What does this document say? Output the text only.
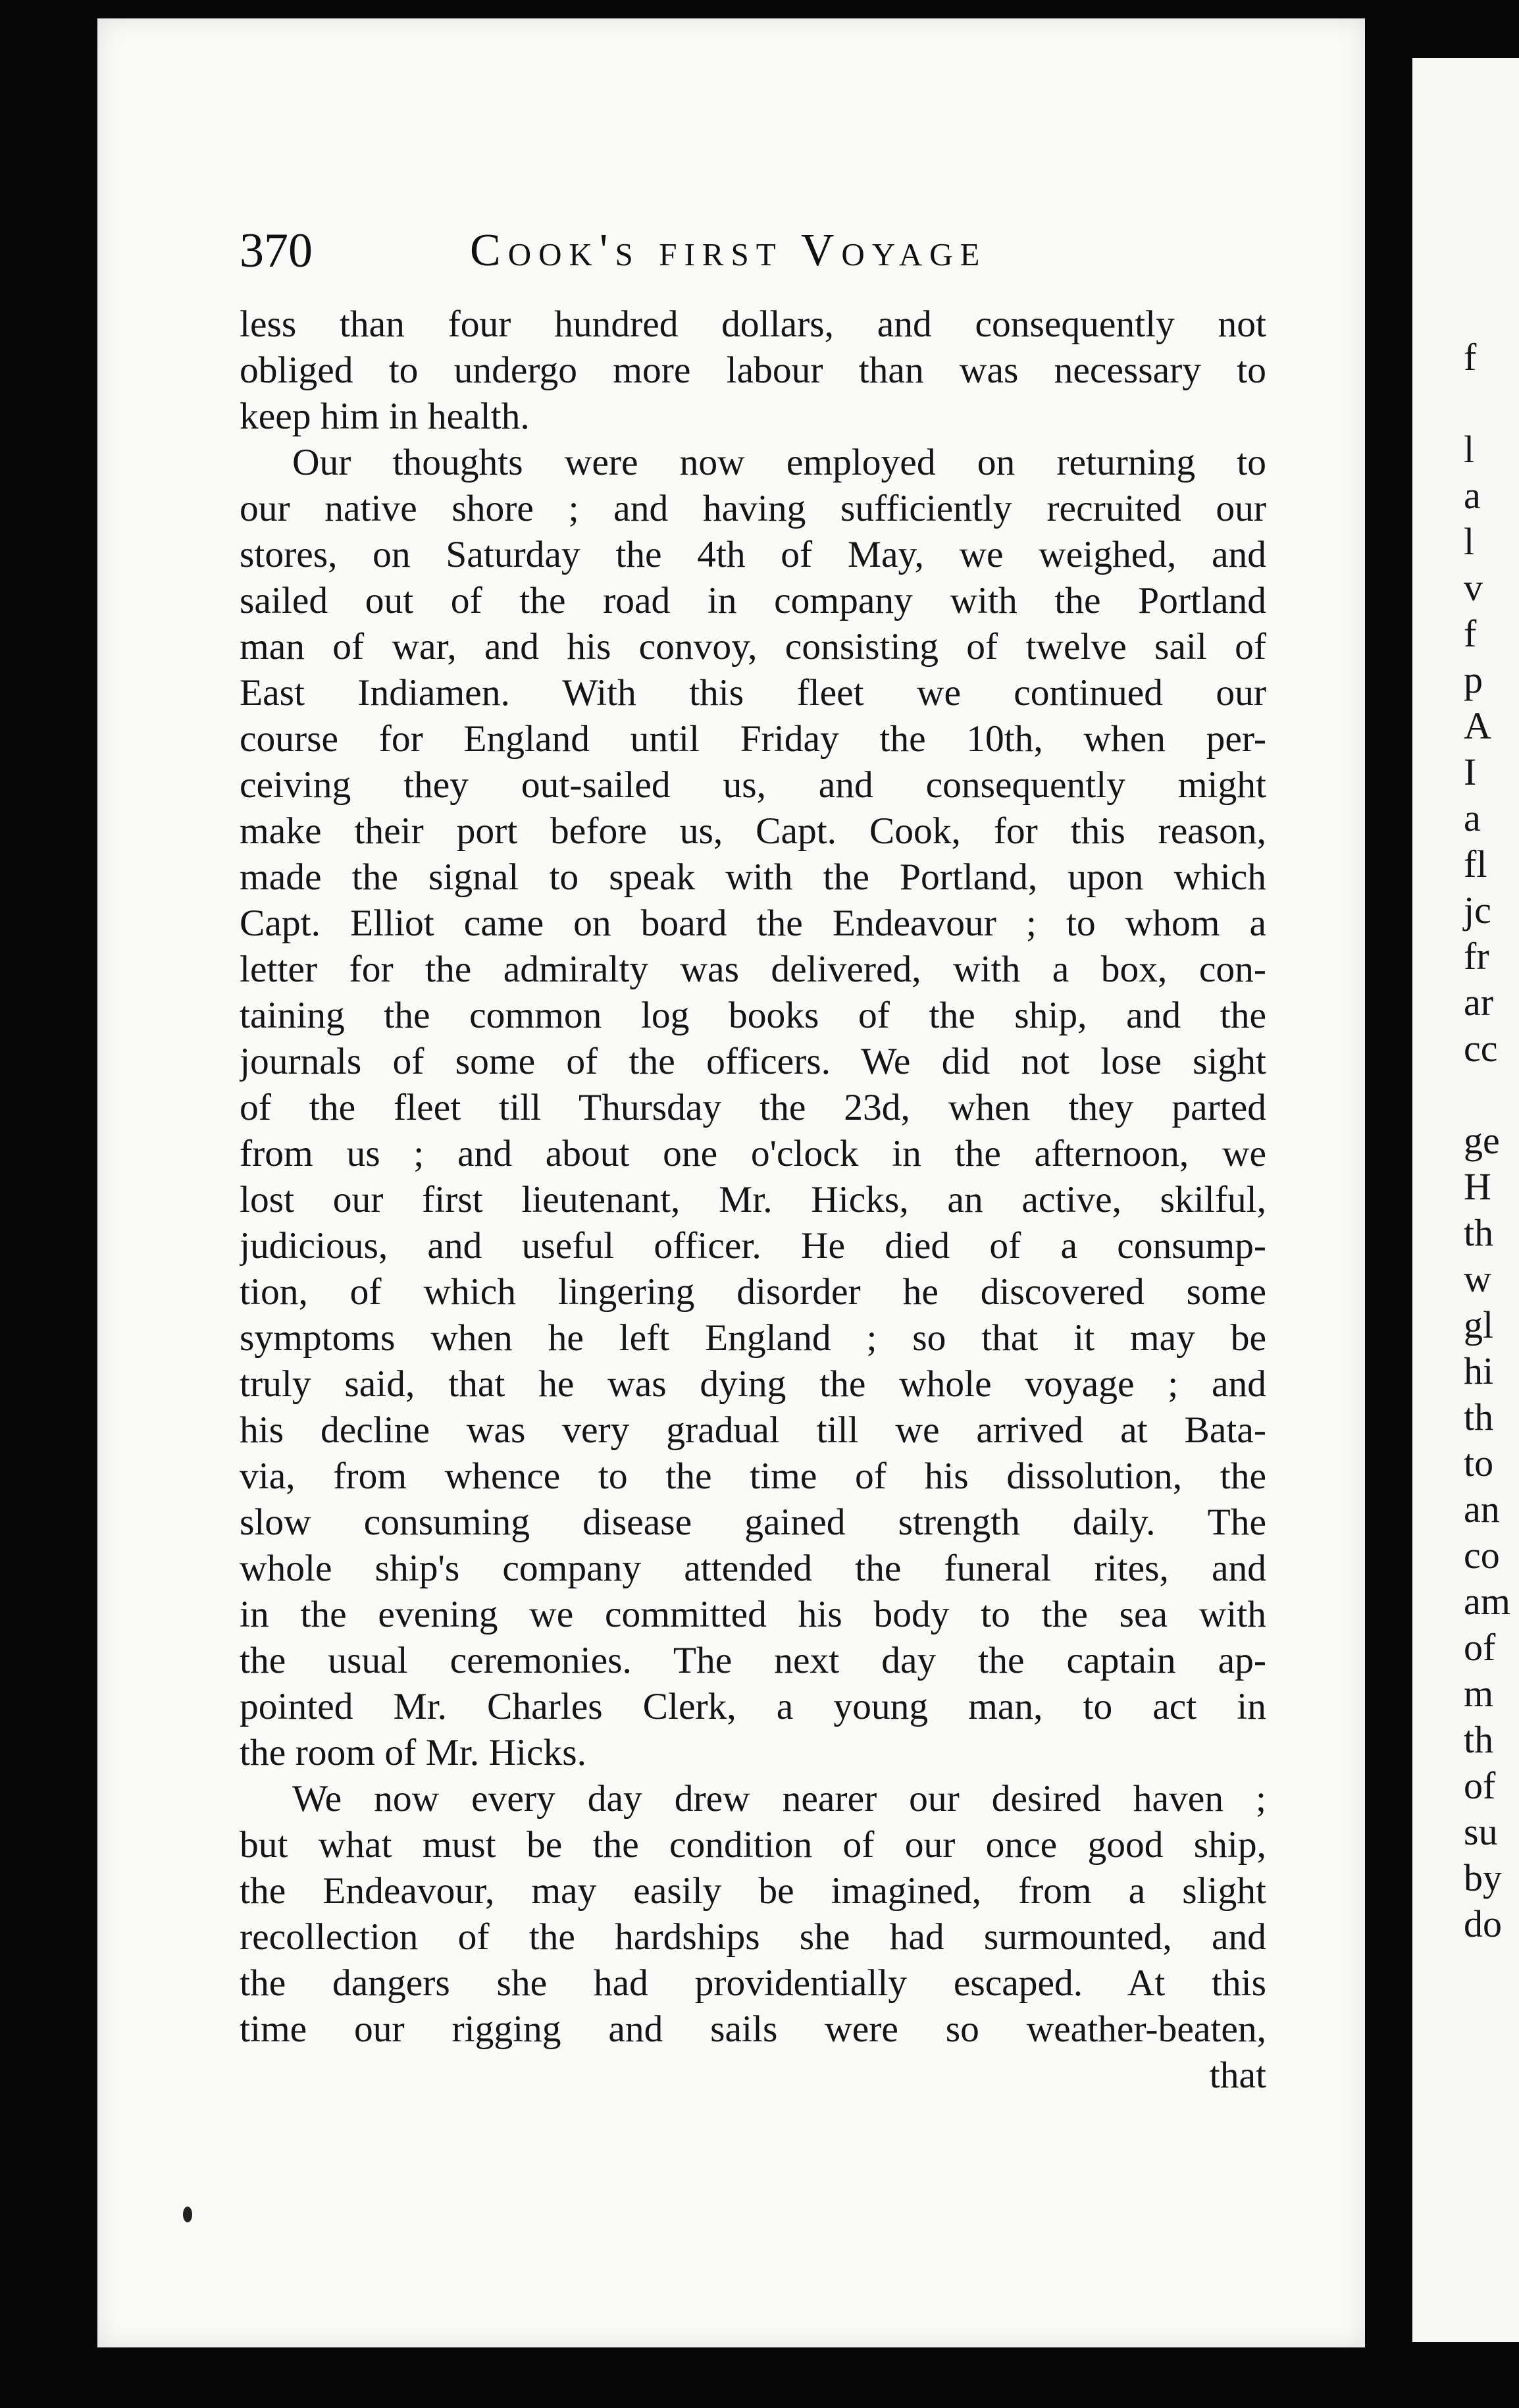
370	Cook's first Voyage
less than four hundred dollars, and consequently not
obliged to undergo more labour than was necessary to
keep him in health.
Our thoughts were now employed on returning to
our native shore ; and having sufficiently recruited our
stores, on Saturday the 4th of May, we weighed, and
sailed out of the road in company with the Portland
man of war, and his convoy, consisting of twelve sail of
East Indiamen. With this fleet we continued our
course for England until Friday the 10th, when per-
ceiving they out-sailed us, and consequently might
make their port before us, Capt. Cook, for this reason,
made the signal to speak with the Portland, upon which
Capt. Elliot came on board the Endeavour ; to whom a
letter for the admiralty was delivered, with a box, con-
taining the common log books of the ship, and the
journals of some of the officers. We did not lose sight
of the fleet till Thursday the 23d, when they parted
from us ; and about one o'clock in the afternoon, we
lost our first lieutenant, Mr. Hicks, an active, skilful,
judicious, and useful officer. He died of a consump-
tion, of which lingering disorder he discovered some
symptoms when he left England ; so that it may be
truly said, that he was dying the whole voyage ; and
his decline was very gradual till we arrived at Bata-
via, from whence to the time of his dissolution, the
slow consuming disease gained strength daily. The
whole ship's company attended the funeral rites, and
in the evening we committed his body to the sea with
the usual ceremonies. The next day the captain ap-
pointed Mr. Charles Clerk, a young man, to act in
the room of Mr. Hicks.
We now every day drew nearer our desired haven ;
but what must be the condition of our once good ship,
the Endeavour, may easily be imagined, from a slight
recollection of the hardships she had surmounted, and
the dangers she had providentially escaped. At this
time our rigging and sails were so weather-beaten,
that
f
l
a
l
v
f
p
A
I
a
fl
jc
fr
ar
cc
ge
H
th
w
gl
hi
th
to
an
co
am
of
m
th
of
su
by
do
